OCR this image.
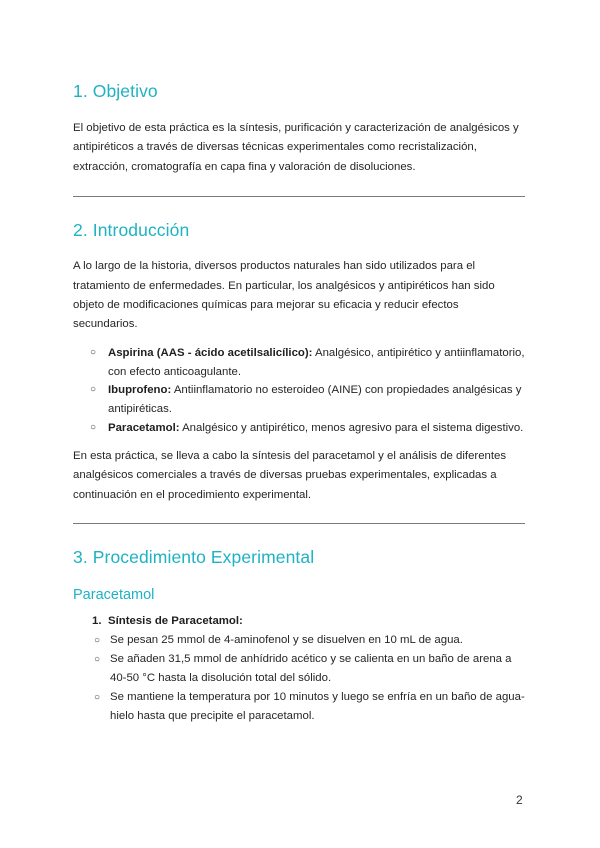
1. Objetivo

El objetivo de esta práctica es la síntesis, purificación y caracterización de analgésicos y antipiréticos a través de diversas técnicas experimentales como recristalización, extracción, cromatografía en capa fina y valoración de disoluciones.

2. Introducción

A lo largo de la historia, diversos productos naturales han sido utilizados para el tratamiento de enfermedades. En particular, los analgésicos y antipiréticos han sido objeto de modificaciones químicas para mejorar su eficacia y reducir efectos secundarios.

○ Aspirina (AAS - ácido acetilsalicílico): Analgésico, antipirético y antiinflamatorio, con efecto anticoagulante.
○ Ibuprofeno: Antiinflamatorio no esteroideo (AINE) con propiedades analgésicas y antipiréticas.
○ Paracetamol: Analgésico y antipirético, menos agresivo para el sistema digestivo.

En esta práctica, se lleva a cabo la síntesis del paracetamol y el análisis de diferentes analgésicos comerciales a través de diversas pruebas experimentales, explicadas a continuación en el procedimiento experimental.

3. Procedimiento Experimental
Paracetamol
1. Síntesis de Paracetamol:
○ Se pesan 25 mmol de 4-aminofenol y se disuelven en 10 mL de agua.
○ Se añaden 31,5 mmol de anhídrido acético y se calienta en un baño de arena a 40-50 °C hasta la disolución total del sólido.
○ Se mantiene la temperatura por 10 minutos y luego se enfría en un baño de agua-hielo hasta que precipite el paracetamol.
2
